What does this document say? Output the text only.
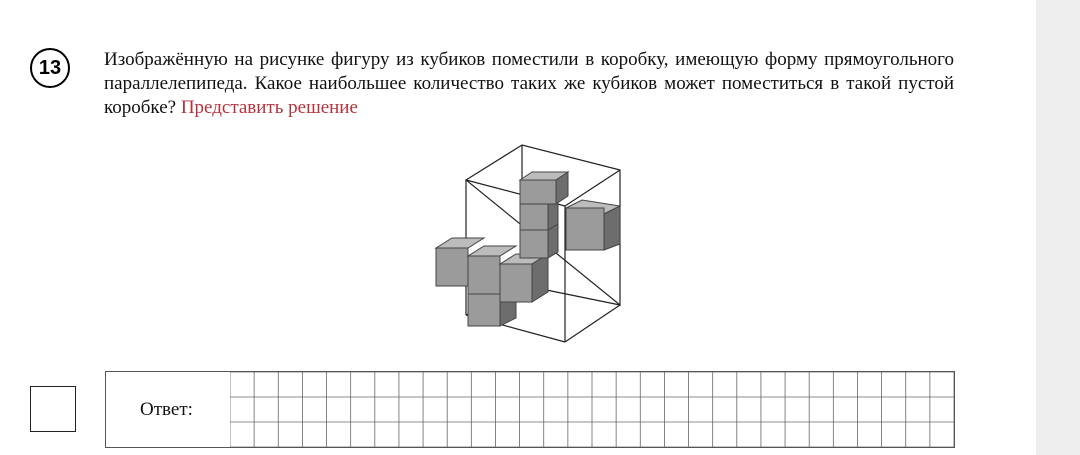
13 Изображённую на рисунке фигуру из кубиков поместили в коробку, имеющую форму прямоугольного параллелепипеда. Какое наибольшее количество таких же кубиков может поместиться в такой пустой коробке? Представить решение
Ответ:
